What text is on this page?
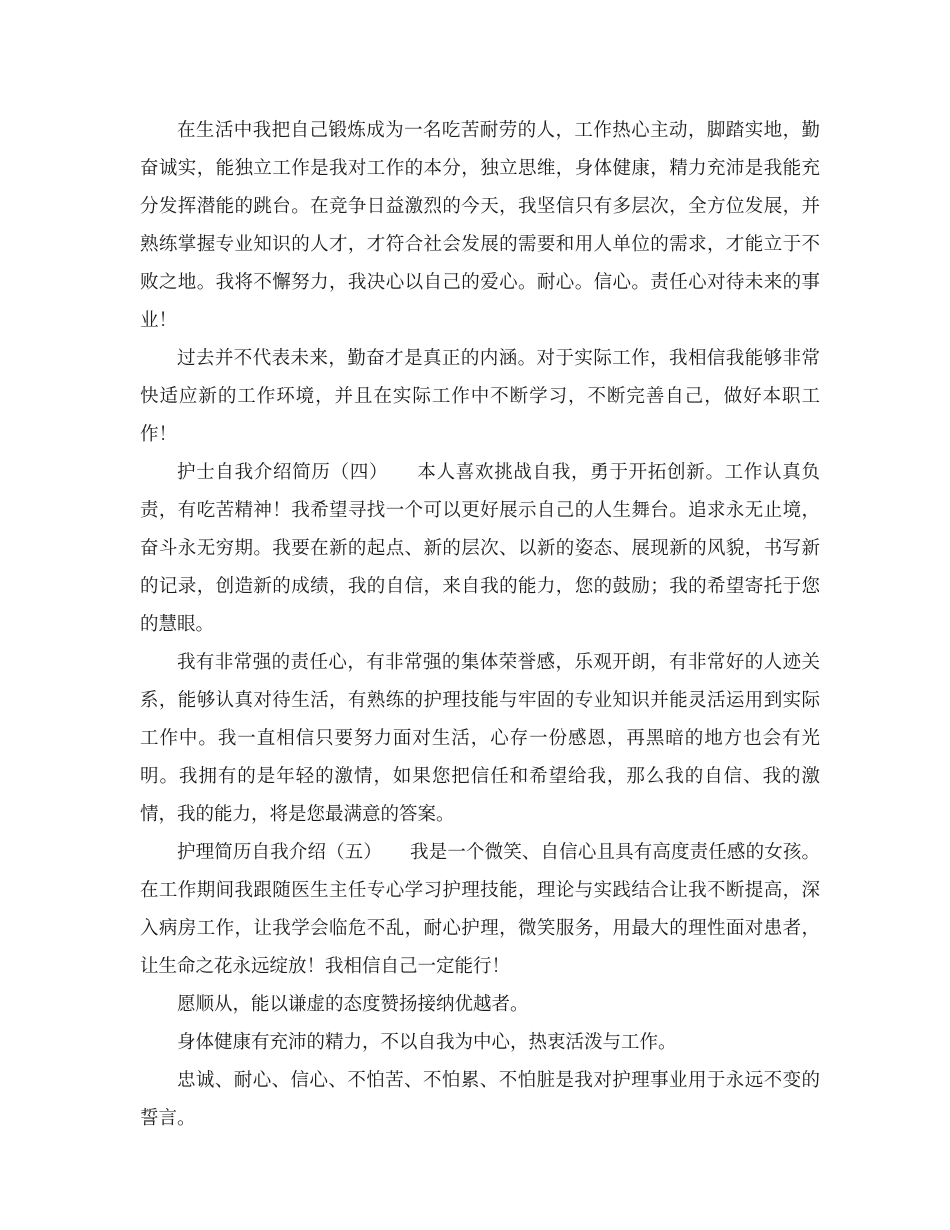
在生活中我把自己锻炼成为一名吃苦耐劳的人，工作热心主动，脚踏实地，勤奋诚实，能独立工作是我对工作的本分，独立思维，身体健康，精力充沛是我能充分发挥潜能的跳台。在竞争日益激烈的今天，我坚信只有多层次，全方位发展，并熟练掌握专业知识的人才，才符合社会发展的需要和用人单位的需求，才能立于不败之地。我将不懈努力，我决心以自己的爱心。耐心。信心。责任心对待未来的事业！

过去并不代表未来，勤奋才是真正的内涵。对于实际工作，我相信我能够非常快适应新的工作环境，并且在实际工作中不断学习，不断完善自己，做好本职工作！

护士自我介绍简历（四）　　本人喜欢挑战自我，勇于开拓创新。工作认真负责，有吃苦精神！我希望寻找一个可以更好展示自己的人生舞台。追求永无止境，奋斗永无穷期。我要在新的起点、新的层次、以新的姿态、展现新的风貌，书写新的记录，创造新的成绩，我的自信，来自我的能力，您的鼓励；我的希望寄托于您的慧眼。

我有非常强的责任心，有非常强的集体荣誉感，乐观开朗，有非常好的人迹关系，能够认真对待生活，有熟练的护理技能与牢固的专业知识并能灵活运用到实际工作中。我一直相信只要努力面对生活，心存一份感恩，再黑暗的地方也会有光明。我拥有的是年轻的激情，如果您把信任和希望给我，那么我的自信、我的激情，我的能力，将是您最满意的答案。

护理简历自我介绍（五）　　我是一个微笑、自信心且具有高度责任感的女孩。在工作期间我跟随医生主任专心学习护理技能，理论与实践结合让我不断提高，深入病房工作，让我学会临危不乱，耐心护理，微笑服务，用最大的理性面对患者，让生命之花永远绽放！我相信自己一定能行！

愿顺从，能以谦虚的态度赞扬接纳优越者。

身体健康有充沛的精力，不以自我为中心，热衷活泼与工作。

忠诚、耐心、信心、不怕苦、不怕累、不怕脏是我对护理事业用于永远不变的誓言。
